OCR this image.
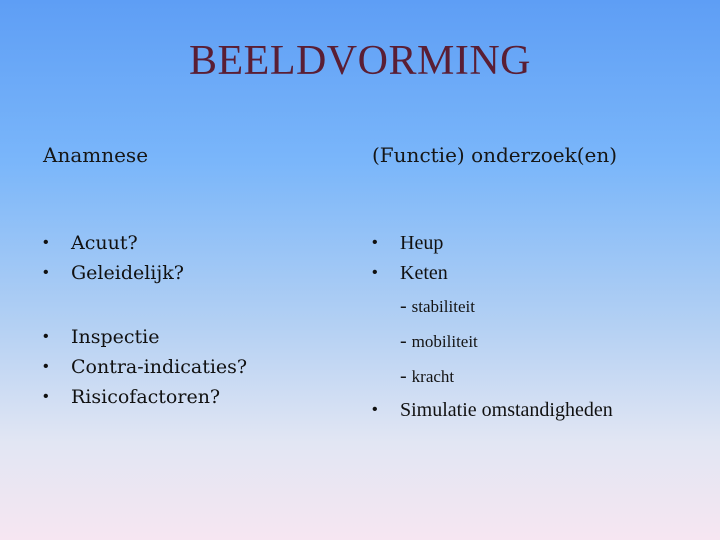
BEELDVORMING
Anamnese	(Functie) onderzoek(en)
• Acuut?
• Geleidelijk?
• Inspectie
• Contra-indicaties?
• Risicofactoren?
• Heup
• Keten
- stabiliteit
- mobiliteit
- kracht
• Simulatie omstandigheden
